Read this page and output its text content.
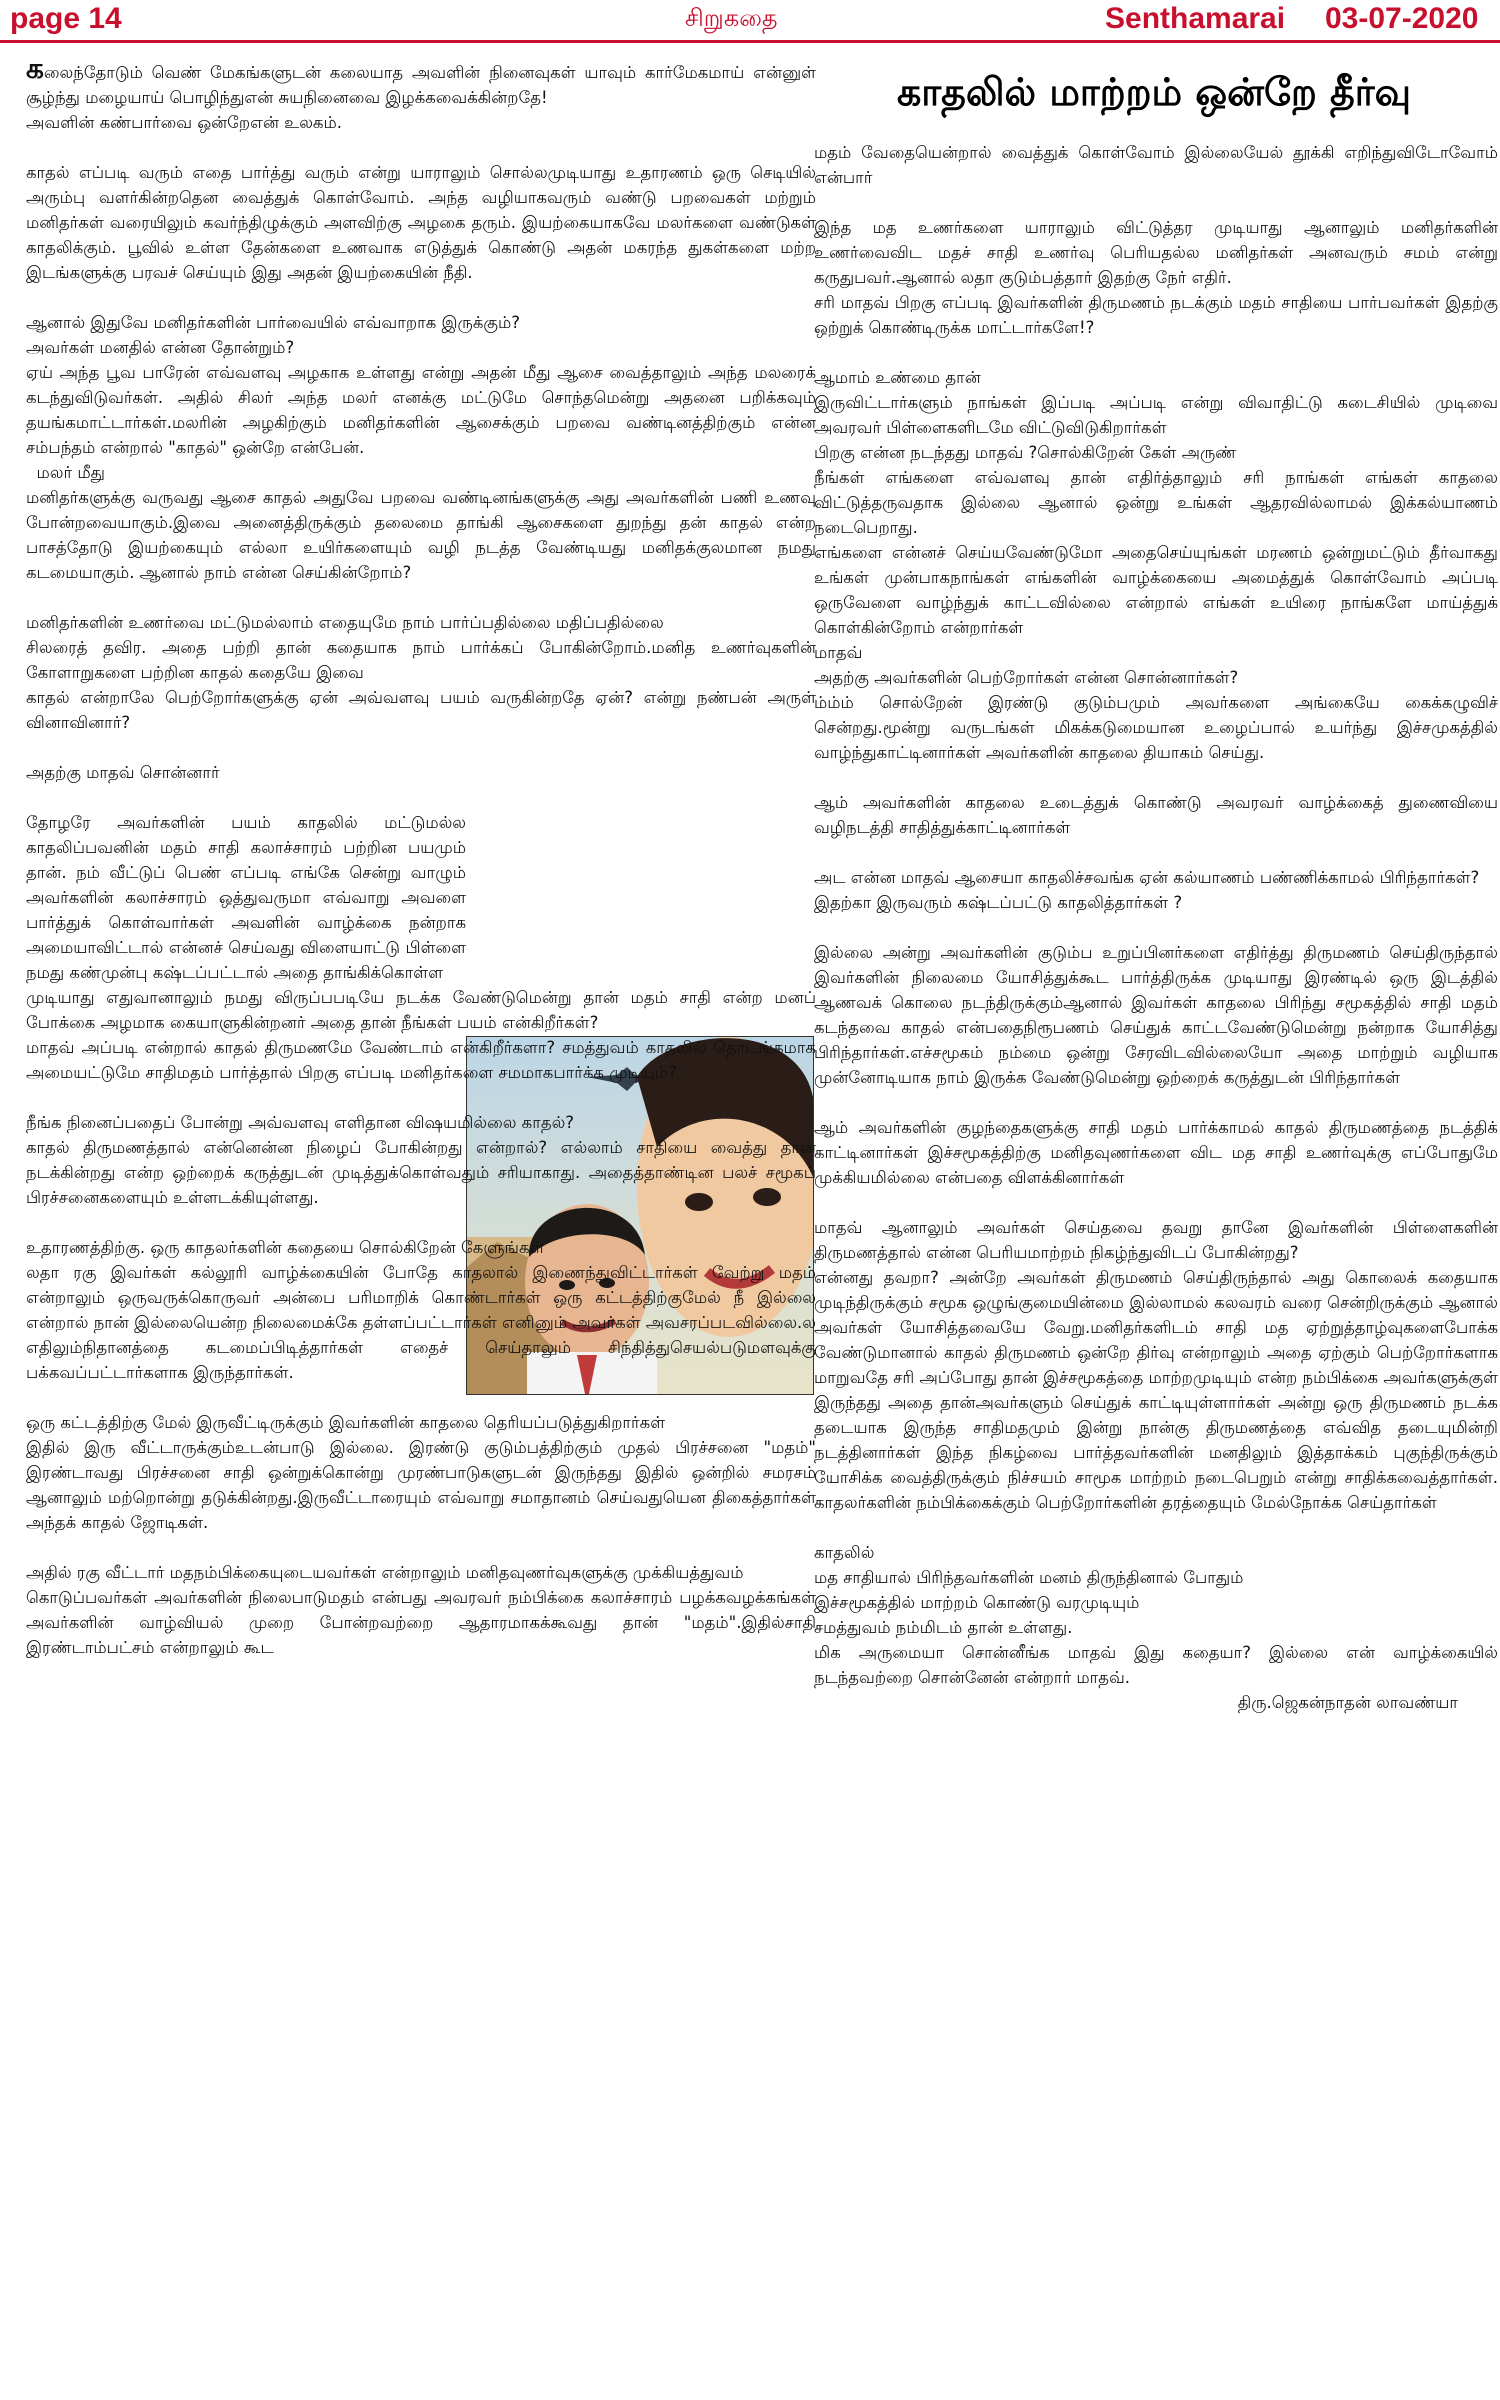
page 14	சிறுகதை	Senthamarai 03-07-2020
காதலில் மாற்றம் ஒன்றே தீர்வு

கலைந்தோடும் வெண் மேகங்களுடன் கலையாத அவளின் நினைவுகள் யாவும் கார்மேகமாய் என்னுள் சூழ்ந்து மழையாய் பொழிந்துஎன் சுயநினைவை இழக்கவைக்கின்றதே!
அவளின் கண்பார்வை ஒன்றேஎன் உலகம்.

காதல் எப்படி வரும் எதை பார்த்து வரும் என்று யாராலும் சொல்லமுடியாது உதாரணம் ஒரு செடியில் அரும்பு வளர்கின்றதென வைத்துக் கொள்வோம். அந்த வழியாகவரும் வண்டு பறவைகள் மற்றும் மனிதர்கள் வரையிலும் கவர்ந்திழுக்கும் அளவிற்கு அழகை தரும். இயற்கையாகவே மலர்களை வண்டுகள் காதலிக்கும். பூவில் உள்ள தேன்களை உணவாக எடுத்துக் கொண்டு அதன் மகரந்த துகள்களை மற்ற இடங்களுக்கு பரவச் செய்யும் இது அதன் இயற்கையின் நீதி.

ஆனால் இதுவே மனிதர்களின் பார்வையில் எவ்வாறாக இருக்கும்?
அவர்கள் மனதில் என்ன தோன்றும்?
ஏய் அந்த பூவ பாரேன் எவ்வளவு அழகாக உள்ளது என்று அதன் மீது ஆசை வைத்தாலும் அந்த மலரைக் கடந்துவிடுவர்கள். அதில் சிலர் அந்த மலர் எனக்கு மட்டுமே சொந்தமென்று அதனை பறிக்கவும் தயங்கமாட்டார்கள்.மலரின் அழகிற்கும் மனிதர்களின் ஆசைக்கும் பறவை வண்டினத்திற்கும் என்ன சம்பந்தம் என்றால் "காதல்" ஒன்றே என்பேன்.
மலர் மீது
மனிதர்களுக்கு வருவது ஆசை காதல் அதுவே பறவை வண்டினங்களுக்கு அது அவர்களின் பணி உணவு போன்றவையாகும்.இவை அனைத்திருக்கும் தலைமை தாங்கி ஆசைகளை துறந்து தன் காதல் என்ற பாசத்தோடு இயற்கையும் எல்லா உயிர்களையும் வழி நடத்த வேண்டியது மனிதக்குலமான நமது கடமையாகும். ஆனால் நாம் என்ன செய்கின்றோம்?

மனிதர்களின் உணர்வை மட்டுமல்லாம் எதையுமே நாம் பார்ப்பதில்லை மதிப்பதில்லை
சிலரைத் தவிர. அதை பற்றி தான் கதையாக நாம் பார்க்கப் போகின்றோம்.மனித உணர்வுகளின் கோளாறுகளை பற்றின காதல் கதையே இவை
காதல் என்றாலே பெற்றோர்களுக்கு ஏன் அவ்வளவு பயம் வருகின்றதே ஏன்? என்று நண்பன் அருள் வினாவினார்?

அதற்கு மாதவ் சொன்னார்

தோழரே அவர்களின் பயம் காதலில் மட்டுமல்ல காதலிப்பவனின் மதம் சாதி கலாச்சாரம் பற்றின பயமும் தான். நம் வீட்டுப் பெண் எப்படி எங்கே சென்று வாழும் அவர்களின் கலாச்சாரம் ஒத்துவருமா எவ்வாறு அவளை பார்த்துக் கொள்வார்கள் அவளின் வாழ்க்கை நன்றாக அமையாவிட்டால் என்னச் செய்வது விளையாட்டு பிள்ளை நமது கண்முன்பு கஷ்டப்பட்டால் அதை தாங்கிக்கொள்ள

முடியாது எதுவானாலும் நமது விருப்பபடியே நடக்க வேண்டுமென்று தான் மதம் சாதி என்ற மனப் போக்கை அழமாக கையாளுகின்றனர் அதை தான் நீங்கள் பயம் என்கிறீர்கள்?
மாதவ் அப்படி என்றால் காதல் திருமணமே வேண்டாம் என்கிறீர்களா? சமத்துவம் காதலில் தொடங்கமாக அமையட்டுமே சாதிமதம் பார்த்தால் பிறகு எப்படி மனிதர்களை சமமாகபார்க்க முடியும்?

நீங்க நினைப்பதைப் போன்று அவ்வளவு எளிதான விஷயமில்லை காதல்?
காதல் திருமணத்தால் என்னென்ன நிழைப் போகின்றது என்றால்? எல்லாம் சாதியை வைத்து தான் நடக்கின்றது என்ற ஒற்றைக் கருத்துடன் முடித்துக்கொள்வதும் சரியாகாது. அதைத்தாண்டின பலச் சமூகப் பிரச்சனைகளையும் உள்ளடக்கியுள்ளது.

உதாரணத்திற்கு. ஒரு காதலர்களின் கதையை சொல்கிறேன் கேளுங்கள்
லதா ரகு இவர்கள் கல்லூரி வாழ்க்கையின் போதே காதலால் இணைந்துவிட்டார்கள் வேற்று மதம் என்றாலும் ஒருவருக்கொருவர் அன்பை பரிமாறிக் கொண்டார்கள் ஒரு கட்டத்திற்குமேல் நீ இல்லை என்றால் நான் இல்லையென்ற நிலைமைக்கே தள்ளப்பட்டார்கள் எனினும் அவர்கள் அவசரப்படவில்லை.ல எதிலும்நிதானத்தை கடமைப்பிடித்தார்கள் எதைச் செய்தாலும் சிந்தித்துசெயல்படுமளவுக்கு பக்கவப்பட்டார்களாக இருந்தார்கள்.

ஒரு கட்டத்திற்கு மேல் இருவீட்டிருக்கும் இவர்களின் காதலை தெரியப்படுத்துகிறார்கள்
இதில் இரு வீட்டாருக்கும்உடன்பாடு இல்லை. இரண்டு குடும்பத்திற்கும் முதல் பிரச்சனை "மதம்" இரண்டாவது பிரச்சனை சாதி ஒன்றுக்கொன்று முரண்பாடுகளுடன் இருந்தது இதில் ஒன்றில் சமரசம் ஆனாலும் மற்றொன்று தடுக்கின்றது.இருவீட்டாரையும் எவ்வாறு சமாதானம் செய்வதுயென திகைத்தார்கள் அந்தக் காதல் ஜோடிகள்.

அதில் ரகு வீட்டார் மதநம்பிக்கையுடையவர்கள் என்றாலும் மனிதவுணர்வுகளுக்கு முக்கியத்துவம்
கொடுப்பவர்கள் அவர்களின் நிலைபாடுமதம் என்பது அவரவர் நம்பிக்கை கலாச்சாரம் பழக்கவழக்கங்கள் அவர்களின் வாழ்வியல் முறை போன்றவற்றை ஆதாரமாகக்கூவது தான் "மதம்".இதில்சாதி இரண்டாம்பட்சம் என்றாலும் கூட

மதம் வேதையென்றால் வைத்துக் கொள்வோம் இல்லையேல் தூக்கி எறிந்துவிடோவோம் என்பார்

இந்த மத உணர்களை யாராலும் விட்டுத்தர முடியாது ஆனாலும் மனிதர்களின் உணர்வைவிட மதச் சாதி உணர்வு பெரியதல்ல மனிதர்கள் அனவரும் சமம் என்று கருதுபவர்.ஆனால் லதா குடும்பத்தார் இதற்கு நேர் எதிர்.
சரி மாதவ் பிறகு எப்படி இவர்களின் திருமணம் நடக்கும் மதம் சாதியை பார்பவர்கள் இதற்கு ஒற்றுக் கொண்டிருக்க மாட்டார்களே!?

ஆமாம் உண்மை தான்
இருவிட்டார்களும் நாங்கள் இப்படி அப்படி என்று விவாதிட்டு கடைசியில் முடிவை அவரவர் பிள்ளைகளிடமே விட்டுவிடுகிறார்கள்
பிறகு என்ன நடந்தது மாதவ் ?சொல்கிறேன் கேள் அருண்
நீங்கள் எங்களை எவ்வளவு தான் எதிர்த்தாலும் சரி நாங்கள் எங்கள் காதலை விட்டுத்தருவதாக இல்லை ஆனால் ஒன்று உங்கள் ஆதரவில்லாமல் இக்கல்யாணம் நடைபெறாது.
எங்களை என்னச் செய்யவேண்டுமோ அதைசெய்யுங்கள் மரணம் ஒன்றுமட்டும் தீர்வாகது உங்கள் முன்பாகநாங்கள் எங்களின் வாழ்க்கையை அமைத்துக் கொள்வோம் அப்படி ஒருவேளை வாழ்ந்துக் காட்டவில்லை என்றால் எங்கள் உயிரை நாங்களே மாய்த்துக் கொள்கின்றோம் என்றார்கள்
மாதவ்
அதற்கு அவர்களின் பெற்றோர்கள் என்ன சொன்னார்கள்?
ம்ம்ம் சொல்றேன் இரண்டு குடும்பமும் அவர்களை அங்கையே கைக்கழுவிச் சென்றது.மூன்று வருடங்கள் மிகக்கடுமையான உழைப்பால் உயர்ந்து இச்சமுகத்தில் வாழ்ந்துகாட்டினார்கள் அவர்களின் காதலை தியாகம் செய்து.

ஆம் அவர்களின் காதலை உடைத்துக் கொண்டு அவரவர் வாழ்க்கைத் துணைவியை வழிநடத்தி சாதித்துக்காட்டினார்கள்

அட என்ன மாதவ் ஆசையா காதலிச்சவங்க ஏன் கல்யாணம் பண்ணிக்காமல் பிரிந்தார்கள்?
இதற்கா இருவரும் கஷ்டப்பட்டு காதலித்தார்கள் ?

இல்லை அன்று அவர்களின் குடும்ப உறுப்பினர்களை எதிர்த்து திருமணம் செய்திருந்தால் இவர்களின் நிலைமை யோசித்துக்கூட பார்த்திருக்க முடியாது இரண்டில் ஒரு இடத்தில் ஆணவக் கொலை நடந்திருக்கும்ஆனால் இவர்கள் காதலை பிரிந்து சமூகத்தில் சாதி மதம் கடந்தவை காதல் என்பதைநிரூபணம் செய்துக் காட்டவேண்டுமென்று நன்றாக யோசித்து பிரிந்தார்கள்.எச்சமூகம் நம்மை ஒன்று சேரவிடவில்லையோ அதை மாற்றும் வழியாக முன்னோடியாக நாம் இருக்க வேண்டுமென்று ஒற்றைக் கருத்துடன் பிரிந்தார்கள்

ஆம் அவர்களின் குழந்தைகளுக்கு சாதி மதம் பார்க்காமல் காதல் திருமணத்தை நடத்திக் காட்டினார்கள் இச்சமூகத்திற்கு மனிதவுணர்களை விட மத சாதி உணர்வுக்கு எப்போதுமே முக்கியமில்லை என்பதை விளக்கினார்கள்

மாதவ் ஆனாலும் அவர்கள் செய்தவை தவறு தானே இவர்களின் பிள்ளைகளின் திருமணத்தால் என்ன பெரியமாற்றம் நிகழ்ந்துவிடப் போகின்றது?
என்னது தவறா? அன்றே அவர்கள் திருமணம் செய்திருந்தால் அது கொலைக் கதையாக முடிந்திருக்கும் சமூக ஒழுங்குமையின்மை இல்லாமல் கலவரம் வரை சென்றிருக்கும் ஆனால் அவர்கள் யோசித்தவையே வேறு.மனிதர்களிடம் சாதி மத ஏற்றுத்தாழ்வுகளைபோக்க வேண்டுமானால் காதல் திருமணம் ஒன்றே திர்வு என்றாலும் அதை ஏற்கும் பெற்றோர்களாக மாறுவதே சரி அப்போது தான் இச்சமூகத்தை மாற்றமுடியும் என்ற நம்பிக்கை அவர்களுக்குள் இருந்தது அதை தான்அவர்களும் செய்துக் காட்டியுள்ளார்கள் அன்று ஒரு திருமணம் நடக்க தடையாக இருந்த சாதிமதமும் இன்று நான்கு திருமணத்தை எவ்வித தடையுமின்றி நடத்தினார்கள் இந்த நிகழ்வை பார்த்தவர்களின் மனதிலும் இத்தாக்கம் புகுந்திருக்கும் யோசிக்க வைத்திருக்கும் நிச்சயம் சாமூக மாற்றம் நடைபெறும் என்று சாதிக்கவைத்தார்கள். காதலர்களின் நம்பிக்கைக்கும் பெற்றோர்களின் தரத்தையும் மேல்நோக்க செய்தார்கள்

காதலில்
மத சாதியால் பிரிந்தவர்களின் மனம் திருந்தினால் போதும்
இச்சமூகத்தில் மாற்றம் கொண்டு வரமுடியும்
சமத்துவம் நம்மிடம் தான் உள்ளது.
மிக அருமையா சொன்னீங்க மாதவ் இது கதையா? இல்லை என் வாழ்க்கையில் நடந்தவற்றை சொன்னேன் என்றார் மாதவ்.

திரு.ஜெகன்நாதன் லாவண்யா
